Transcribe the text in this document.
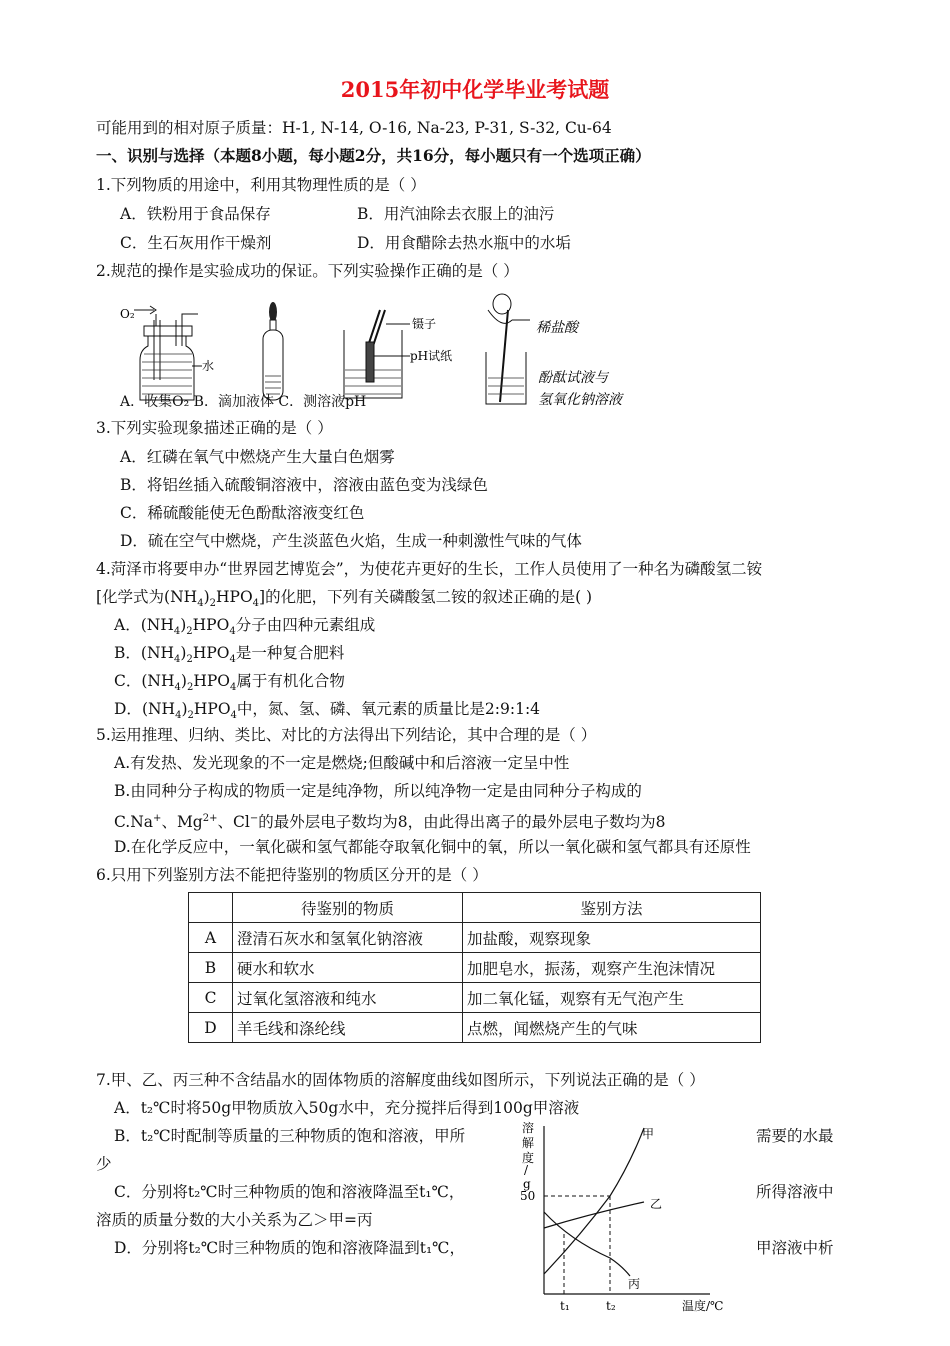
2015年初中化学毕业考试题
可能用到的相对原子质量：H-1, N-14, O-16, Na-23, P-31, S-32, Cu-64
一、识别与选择（本题8小题，每小题2分，共16分，每小题只有一个选项正确）
1.下列物质的用途中，利用其物理性质的是（ ）
A．铁粉用于食品保存	B．用汽油除去衣服上的油污
C．生石灰用作干燥剂	D．用食醋除去热水瓶中的水垢
2.规范的操作是实验成功的保证。下列实验操作正确的是（ ）
O₂
水
镊子
pH试纸
稀盐酸
酚酞试液与
氢氧化钠溶液
A．收集O₂ B．滴加液体 C．测溶液pH
3.下列实验现象描述正确的是（ ）
A．红磷在氧气中燃烧产生大量白色烟雾
B．将铝丝插入硫酸铜溶液中，溶液由蓝色变为浅绿色
C．稀硫酸能使无色酚酞溶液变红色
D．硫在空气中燃烧，产生淡蓝色火焰，生成一种刺激性气味的气体
4.菏泽市将要申办“世界园艺博览会”，为使花卉更好的生长，工作人员使用了一种名为磷酸氢二铵
[化学式为$(NH_4)_2HPO_4$]的化肥，下列有关磷酸氢二铵的叙述正确的是( )
A．$(NH_4)_2HPO_4$分子由四种元素组成
B．$(NH_4)_2HPO_4$是一种复合肥料
C．$(NH_4)_2HPO_4$属于有机化合物
D．$(NH_4)_2HPO_4$中，氮、氢、磷、氧元素的质量比是2:9:1:4
5.运用推理、归纳、类比、对比的方法得出下列结论，其中合理的是（ ）
A.有发热、发光现象的不一定是燃烧;但酸碱中和后溶液一定呈中性
B.由同种分子构成的物质一定是纯净物，所以纯净物一定是由同种分子构成的
C.Na+、$Mg^{2+}$、Cl−的最外层电子数均为8，由此得出离子的最外层电子数均为8
D.在化学反应中，一氧化碳和氢气都能夺取氧化铜中的氧，所以一氧化碳和氢气都具有还原性
6.只用下列鉴别方法不能把待鉴别的物质区分开的是（ ）
	待鉴别的物质	鉴别方法
A	澄清石灰水和氢氧化钠溶液	加盐酸，观察现象
B	硬水和软水	加肥皂水，振荡，观察产生泡沫情况
C	过氧化氢溶液和纯水	加二氧化锰，观察有无气泡产生
D	羊毛线和涤纶线	点燃，闻燃烧产生的气味
7.甲、乙、丙三种不含结晶水的固体物质的溶解度曲线如图所示，下列说法正确的是（ ）
A．t₂℃时将50g甲物质放入50g水中，充分搅拌后得到100g甲溶液
B．t₂℃时配制等质量的三种物质的饱和溶液，甲所	需要的水最
少
C．分别将t₂℃时三种物质的饱和溶液降温至t₁℃，	所得溶液中
溶质的质量分数的大小关系为乙＞甲=丙
D．分别将t₂℃时三种物质的饱和溶液降温到t₁℃，	甲溶液中析
溶
解
度
/
g
50
甲
乙
丙
t₁	t₂	温度/℃
